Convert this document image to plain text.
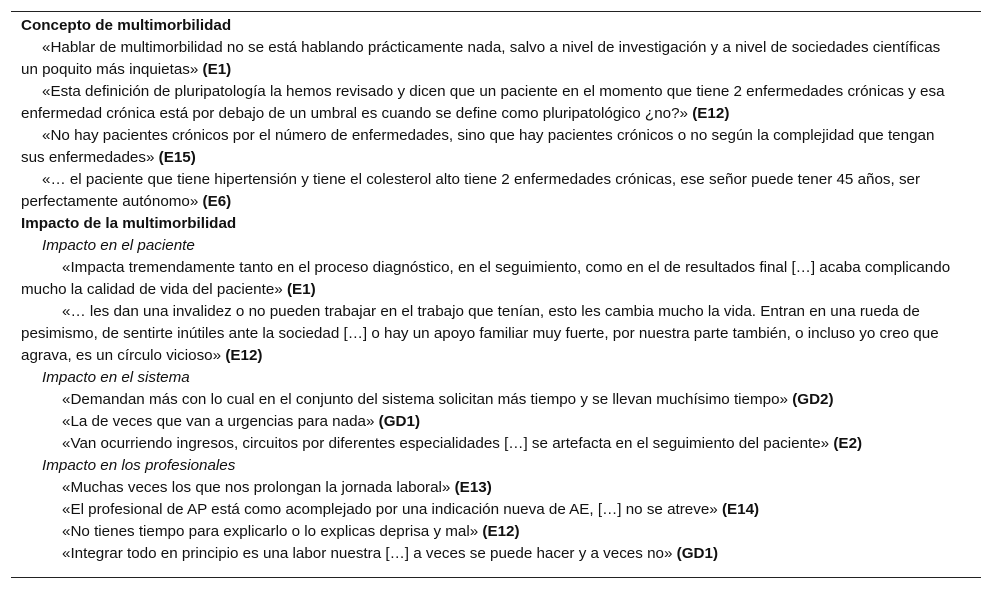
Concepto de multimorbilidad

«Hablar de multimorbilidad no se está hablando prácticamente nada, salvo a nivel de investigación y a nivel de sociedades científicas un poquito más inquietas» (E1)

«Esta definición de pluripatología la hemos revisado y dicen que un paciente en el momento que tiene 2 enfermedades crónicas y esa enfermedad crónica está por debajo de un umbral es cuando se define como pluripatológico ¿no?» (E12)

«No hay pacientes crónicos por el número de enfermedades, sino que hay pacientes crónicos o no según la complejidad que tengan sus enfermedades» (E15)

«… el paciente que tiene hipertensión y tiene el colesterol alto tiene 2 enfermedades crónicas, ese señor puede tener 45 años, ser perfectamente autónomo» (E6)

Impacto de la multimorbilidad

Impacto en el paciente

«Impacta tremendamente tanto en el proceso diagnóstico, en el seguimiento, como en el de resultados final […] acaba complicando mucho la calidad de vida del paciente» (E1)

«… les dan una invalidez o no pueden trabajar en el trabajo que tenían, esto les cambia mucho la vida. Entran en una rueda de pesimismo, de sentirte inútiles ante la sociedad […] o hay un apoyo familiar muy fuerte, por nuestra parte también, o incluso yo creo que agrava, es un círculo vicioso» (E12)

Impacto en el sistema

«Demandan más con lo cual en el conjunto del sistema solicitan más tiempo y se llevan muchísimo tiempo» (GD2)

«La de veces que van a urgencias para nada» (GD1)

«Van ocurriendo ingresos, circuitos por diferentes especialidades […] se artefacta en el seguimiento del paciente» (E2)

Impacto en los profesionales

«Muchas veces los que nos prolongan la jornada laboral» (E13)

«El profesional de AP está como acomplejado por una indicación nueva de AE, […] no se atreve» (E14)

«No tienes tiempo para explicarlo o lo explicas deprisa y mal» (E12)

«Integrar todo en principio es una labor nuestra […] a veces se puede hacer y a veces no» (GD1)
